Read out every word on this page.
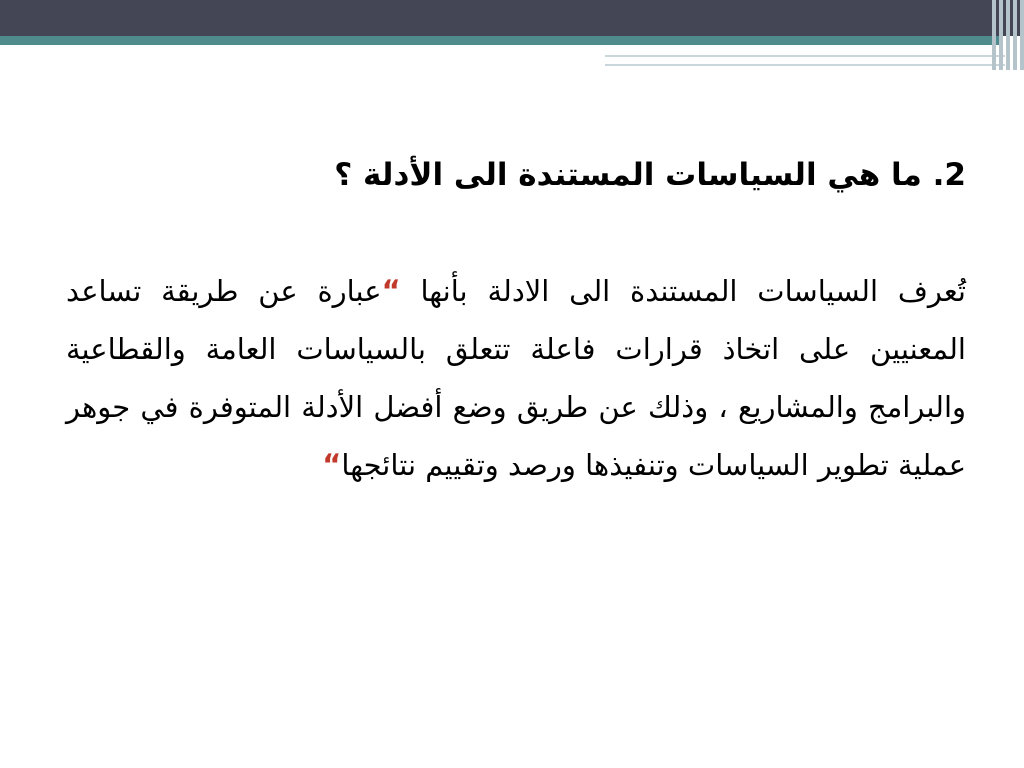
2. ما هي السياسات المستندة الى الأدلة ؟

تُعرف السياسات المستندة الى الادلة بأنها “عبارة عن طريقة تساعد المعنيين على اتخاذ قرارات فاعلة تتعلق بالسياسات العامة والقطاعية والبرامج والمشاريع ، وذلك عن طريق وضع أفضل الأدلة المتوفرة في جوهر عملية تطوير السياسات وتنفيذها ورصد وتقييم نتائجها“
